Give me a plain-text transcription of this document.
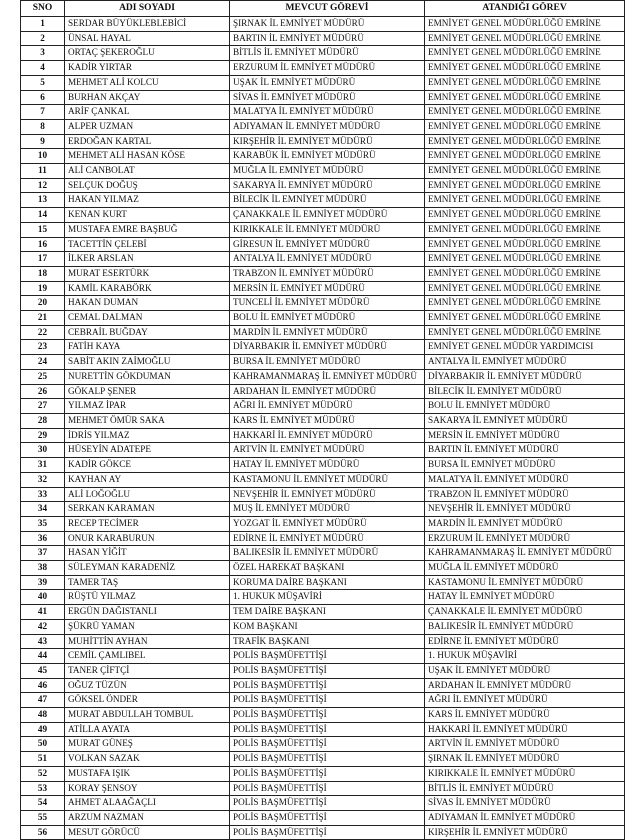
SNO	ADI SOYADI	MEVCUT GÖREVİ	ATANDIĞI GÖREV
1	SERDAR BÜYÜKLEBLEBİCİ	ŞIRNAK İL EMNİYET MÜDÜRÜ	EMNİYET GENEL MÜDÜRLÜĞÜ EMRİNE
2	ÜNSAL HAYAL	BARTIN İL EMNİYET MÜDÜRÜ	EMNİYET GENEL MÜDÜRLÜĞÜ EMRİNE
3	ORTAÇ ŞEKEROĞLU	BİTLİS İL EMNİYET MÜDÜRÜ	EMNİYET GENEL MÜDÜRLÜĞÜ EMRİNE
4	KADİR YIRTAR	ERZURUM İL EMNİYET MÜDÜRÜ	EMNİYET GENEL MÜDÜRLÜĞÜ EMRİNE
5	MEHMET ALİ KOLCU	UŞAK İL EMNİYET MÜDÜRÜ	EMNİYET GENEL MÜDÜRLÜĞÜ EMRİNE
6	BURHAN AKÇAY	SİVAS İL EMNİYET MÜDÜRÜ	EMNİYET GENEL MÜDÜRLÜĞÜ EMRİNE
7	ARİF ÇANKAL	MALATYA İL EMNİYET MÜDÜRÜ	EMNİYET GENEL MÜDÜRLÜĞÜ EMRİNE
8	ALPER UZMAN	ADIYAMAN İL EMNİYET MÜDÜRÜ	EMNİYET GENEL MÜDÜRLÜĞÜ EMRİNE
9	ERDOĞAN KARTAL	KIRŞEHİR İL EMNİYET MÜDÜRÜ	EMNİYET GENEL MÜDÜRLÜĞÜ EMRİNE
10	MEHMET ALİ HASAN KÖSE	KARABÜK İL EMNİYET MÜDÜRÜ	EMNİYET GENEL MÜDÜRLÜĞÜ EMRİNE
11	ALİ CANBOLAT	MUĞLA İL EMNİYET MÜDÜRÜ	EMNİYET GENEL MÜDÜRLÜĞÜ EMRİNE
12	SELÇUK DOĞUŞ	SAKARYA İL EMNİYET MÜDÜRÜ	EMNİYET GENEL MÜDÜRLÜĞÜ EMRİNE
13	HAKAN YILMAZ	BİLECİK İL EMNİYET MÜDÜRÜ	EMNİYET GENEL MÜDÜRLÜĞÜ EMRİNE
14	KENAN KURT	ÇANAKKALE İL EMNİYET MÜDÜRÜ	EMNİYET GENEL MÜDÜRLÜĞÜ EMRİNE
15	MUSTAFA EMRE BAŞBUĞ	KIRIKKALE İL EMNİYET MÜDÜRÜ	EMNİYET GENEL MÜDÜRLÜĞÜ EMRİNE
16	TACETTİN ÇELEBİ	GİRESUN İL EMNİYET MÜDÜRÜ	EMNİYET GENEL MÜDÜRLÜĞÜ EMRİNE
17	İLKER ARSLAN	ANTALYA İL EMNİYET MÜDÜRÜ	EMNİYET GENEL MÜDÜRLÜĞÜ EMRİNE
18	MURAT ESERTÜRK	TRABZON İL EMNİYET MÜDÜRÜ	EMNİYET GENEL MÜDÜRLÜĞÜ EMRİNE
19	KAMİL KARABÖRK	MERSİN İL EMNİYET MÜDÜRÜ	EMNİYET GENEL MÜDÜRLÜĞÜ EMRİNE
20	HAKAN DUMAN	TUNCELİ İL EMNİYET MÜDÜRÜ	EMNİYET GENEL MÜDÜRLÜĞÜ EMRİNE
21	CEMAL DALMAN	BOLU İL EMNİYET MÜDÜRÜ	EMNİYET GENEL MÜDÜRLÜĞÜ EMRİNE
22	CEBRAİL BUĞDAY	MARDİN İL EMNİYET MÜDÜRÜ	EMNİYET GENEL MÜDÜRLÜĞÜ EMRİNE
23	FATİH KAYA	DİYARBAKIR İL EMNİYET MÜDÜRÜ	EMNİYET GENEL MÜDÜR YARDIMCISI
24	SABİT AKIN ZAİMOĞLU	BURSA İL EMNİYET MÜDÜRÜ	ANTALYA İL EMNİYET MÜDÜRÜ
25	NURETTİN GÖKDUMAN	KAHRAMANMARAŞ İL EMNİYET MÜDÜRÜ	DİYARBAKIR İL EMNİYET MÜDÜRÜ
26	GÖKALP ŞENER	ARDAHAN İL EMNİYET MÜDÜRÜ	BİLECİK İL EMNİYET MÜDÜRÜ
27	YILMAZ İPAR	AĞRI İL EMNİYET MÜDÜRÜ	BOLU İL EMNİYET MÜDÜRÜ
28	MEHMET ÖMÜR SAKA	KARS İL EMNİYET MÜDÜRÜ	SAKARYA İL EMNİYET MÜDÜRÜ
29	İDRİS YILMAZ	HAKKARİ İL EMNİYET MÜDÜRÜ	MERSİN İL EMNİYET MÜDÜRÜ
30	HÜSEYİN ADATEPE	ARTVİN İL EMNİYET MÜDÜRÜ	BARTIN İL EMNİYET MÜDÜRÜ
31	KADİR GÖKCE	HATAY İL EMNİYET MÜDÜRÜ	BURSA İL EMNİYET MÜDÜRÜ
32	KAYHAN AY	KASTAMONU İL EMNİYET MÜDÜRÜ	MALATYA İL EMNİYET MÜDÜRÜ
33	ALİ LOĞOĞLU	NEVŞEHİR İL EMNİYET MÜDÜRÜ	TRABZON İL EMNİYET MÜDÜRÜ
34	SERKAN KARAMAN	MUŞ İL EMNİYET MÜDÜRÜ	NEVŞEHİR İL EMNİYET MÜDÜRÜ
35	RECEP TECİMER	YOZGAT İL EMNİYET MÜDÜRÜ	MARDİN İL EMNİYET MÜDÜRÜ
36	ONUR KARABURUN	EDİRNE İL EMNİYET MÜDÜRÜ	ERZURUM İL EMNİYET MÜDÜRÜ
37	HASAN YİĞİT	BALIKESİR İL EMNİYET MÜDÜRÜ	KAHRAMANMARAŞ İL EMNİYET MÜDÜRÜ
38	SÜLEYMAN KARADENİZ	ÖZEL HAREKAT BAŞKANI	MUĞLA İL EMNİYET MÜDÜRÜ
39	TAMER TAŞ	KORUMA DAİRE BAŞKANI	KASTAMONU İL EMNİYET MÜDÜRÜ
40	RÜŞTÜ YILMAZ	1. HUKUK MÜŞAVİRİ	HATAY İL EMNİYET MÜDÜRÜ
41	ERGÜN DAĞISTANLI	TEM DAİRE BAŞKANI	ÇANAKKALE İL EMNİYET MÜDÜRÜ
42	ŞÜKRÜ YAMAN	KOM BAŞKANI	BALIKESİR İL EMNİYET MÜDÜRÜ
43	MUHİTTİN AYHAN	TRAFİK BAŞKANI	EDİRNE İL EMNİYET MÜDÜRÜ
44	CEMİL ÇAMLIBEL	POLİS BAŞMÜFETTİŞİ	1. HUKUK MÜŞAVİRİ
45	TANER ÇİFTÇİ	POLİS BAŞMÜFETTİŞİ	UŞAK İL EMNİYET MÜDÜRÜ
46	OĞUZ TÜZÜN	POLİS BAŞMÜFETTİŞİ	ARDAHAN İL EMNİYET MÜDÜRÜ
47	GÖKSEL ÖNDER	POLİS BAŞMÜFETTİŞİ	AĞRI İL EMNİYET MÜDÜRÜ
48	MURAT ABDULLAH TOMBUL	POLİS BAŞMÜFETTİŞİ	KARS İL EMNİYET MÜDÜRÜ
49	ATİLLA AYATA	POLİS BAŞMÜFETTİŞİ	HAKKARİ İL EMNİYET MÜDÜRÜ
50	MURAT GÜNEŞ	POLİS BAŞMÜFETTİŞİ	ARTVİN İL EMNİYET MÜDÜRÜ
51	VOLKAN SAZAK	POLİS BAŞMÜFETTİŞİ	ŞIRNAK İL EMNİYET MÜDÜRÜ
52	MUSTAFA IŞIK	POLİS BAŞMÜFETTİŞİ	KIRIKKALE İL EMNİYET MÜDÜRÜ
53	KORAY ŞENSOY	POLİS BAŞMÜFETTİŞİ	BİTLİS İL EMNİYET MÜDÜRÜ
54	AHMET ALAAĞAÇLI	POLİS BAŞMÜFETTİŞİ	SİVAS İL EMNİYET MÜDÜRÜ
55	ARZUM NAZMAN	POLİS BAŞMÜFETTİŞİ	ADIYAMAN İL EMNİYET MÜDÜRÜ
56	MESUT GÖRÜCÜ	POLİS BAŞMÜFETTİŞİ	KIRŞEHİR İL EMNİYET MÜDÜRÜ
